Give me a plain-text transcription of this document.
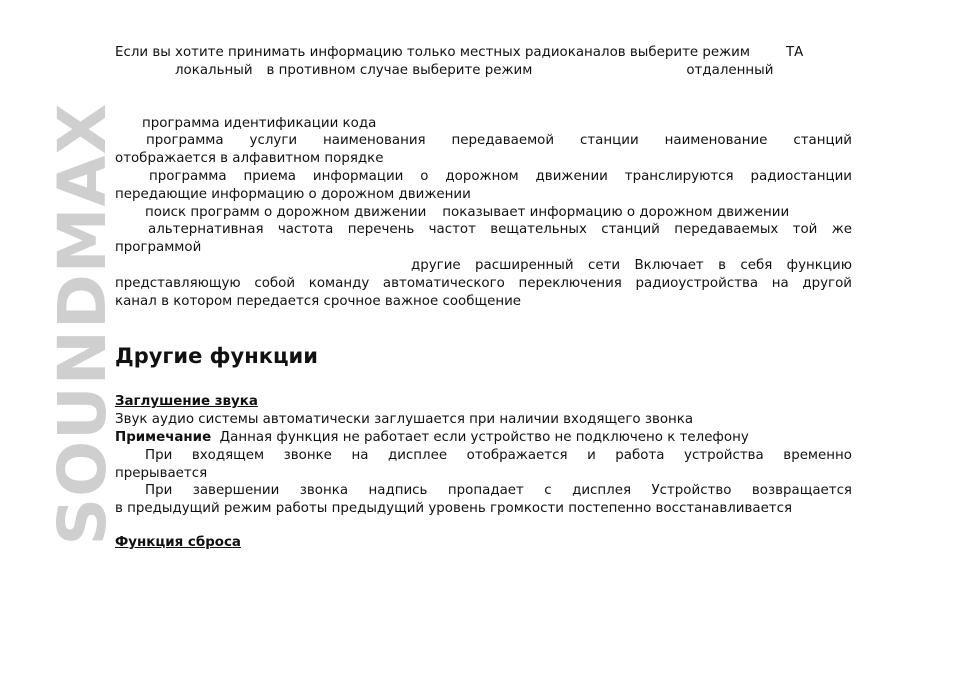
SOUNDMAX

Если вы хотите принимать информацию только местных радиоканалов выберите режим	ТА

локальный в противном случае выберите режим	отдаленный

программа идентификации кода

программа услуги наименования передаваемой станции наименование станций

отображается в алфавитном порядке

программа приема информации о дорожном движении транслируются радиостанции

передающие информацию о дорожном движении

поиск программ о дорожном движении показывает информацию о дорожном движении

альтернативная частота перечень частот вещательных станций передаваемых той же

программой

другие расширенный сети Включает в себя функцию

представляющую собой команду автоматического переключения радиоустройства на другой

канал в котором передается срочное важное сообщение

Другие функции

Заглушение звука

Звук аудио системы автоматически заглушается при наличии входящего звонка

Примечание Данная функция не работает если устройство не подключено к телефону

При входящем звонке на дисплее отображается и работа устройства временно

прерывается

При завершении звонка надпись пропадает с дисплея Устройство возвращается

в предыдущий режим работы предыдущий уровень громкости постепенно восстанавливается

Функция сброса
